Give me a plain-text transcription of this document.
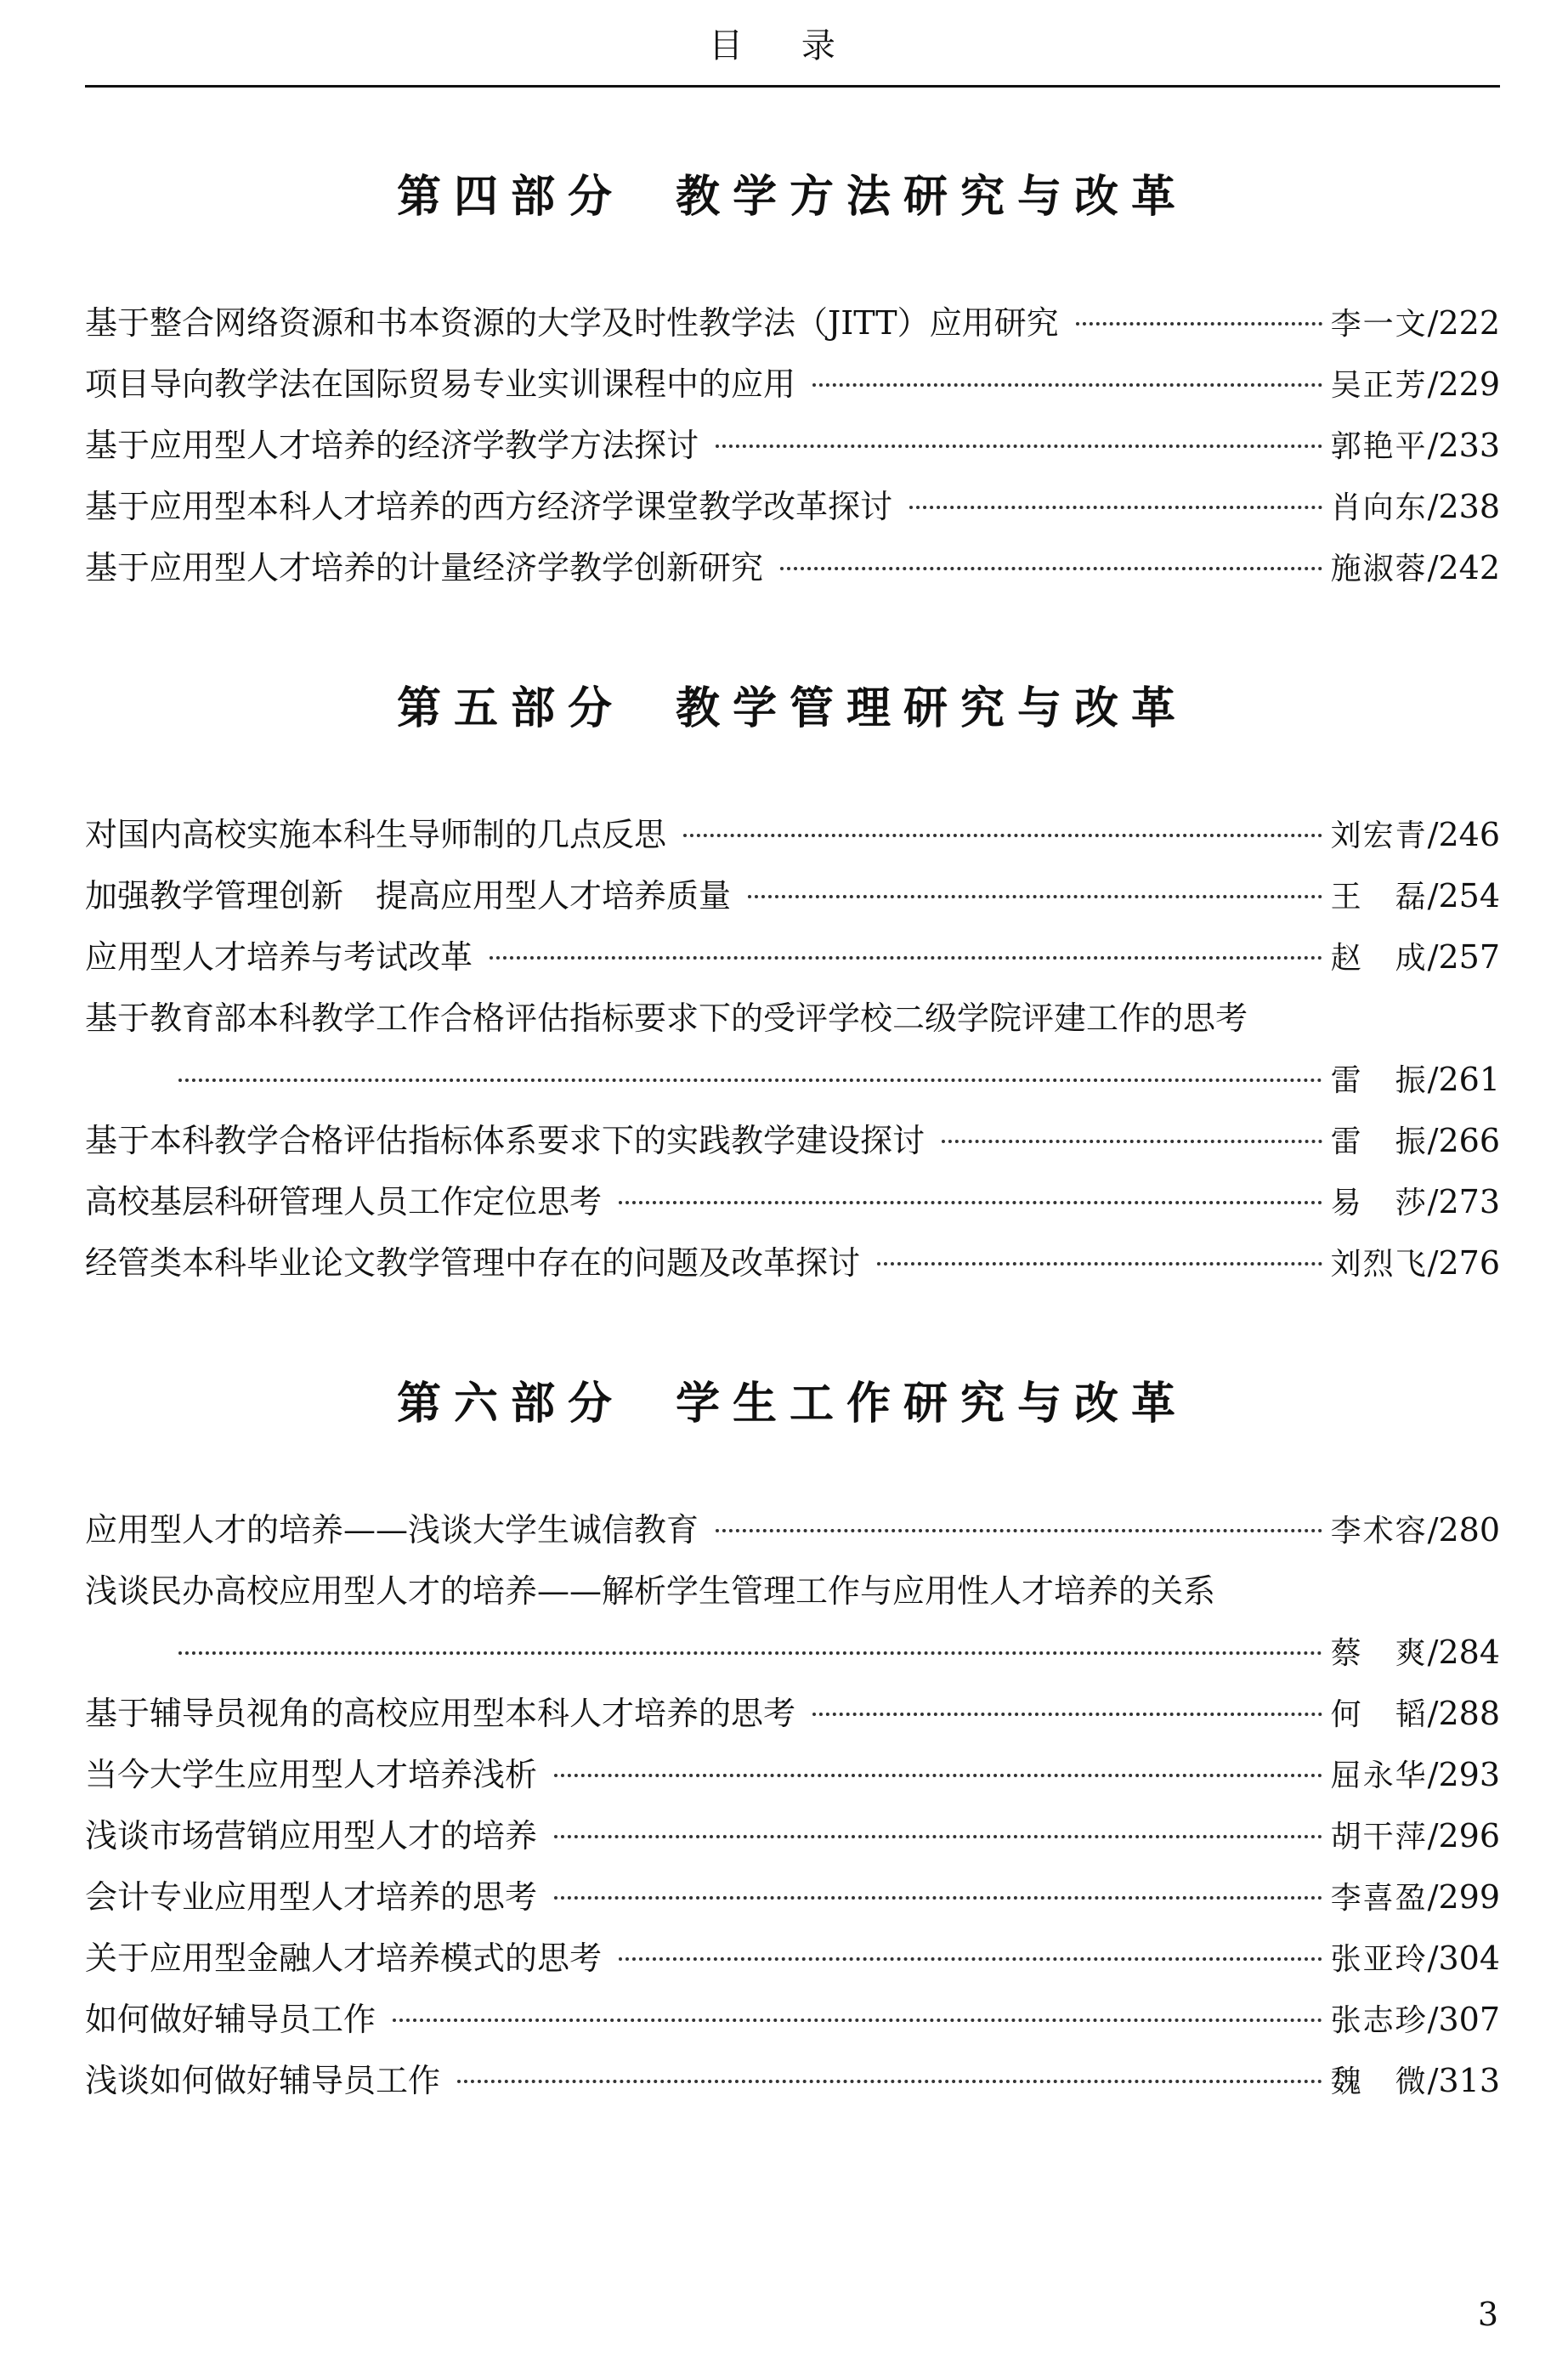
目 录
第四部分 教学方法研究与改革
基于整合网络资源和书本资源的大学及时性教学法（JITT）应用研究	李一文/222
项目导向教学法在国际贸易专业实训课程中的应用	吴正芳/229
基于应用型人才培养的经济学教学方法探讨	郭艳平/233
基于应用型本科人才培养的西方经济学课堂教学改革探讨	肖向东/238
基于应用型人才培养的计量经济学教学创新研究	施淑蓉/242
第五部分 教学管理研究与改革
对国内高校实施本科生导师制的几点反思	刘宏青/246
加强教学管理创新　提高应用型人才培养质量	王　磊/254
应用型人才培养与考试改革	赵　成/257
基于教育部本科教学工作合格评估指标要求下的受评学校二级学院评建工作的思考
雷　振/261
基于本科教学合格评估指标体系要求下的实践教学建设探讨	雷　振/266
高校基层科研管理人员工作定位思考	易　莎/273
经管类本科毕业论文教学管理中存在的问题及改革探讨	刘烈飞/276
第六部分 学生工作研究与改革
应用型人才的培养——浅谈大学生诚信教育	李术容/280
浅谈民办高校应用型人才的培养——解析学生管理工作与应用性人才培养的关系
蔡　爽/284
基于辅导员视角的高校应用型本科人才培养的思考	何　韬/288
当今大学生应用型人才培养浅析	屈永华/293
浅谈市场营销应用型人才的培养	胡干萍/296
会计专业应用型人才培养的思考	李喜盈/299
关于应用型金融人才培养模式的思考	张亚玲/304
如何做好辅导员工作	张志珍/307
浅谈如何做好辅导员工作	魏　微/313
3
